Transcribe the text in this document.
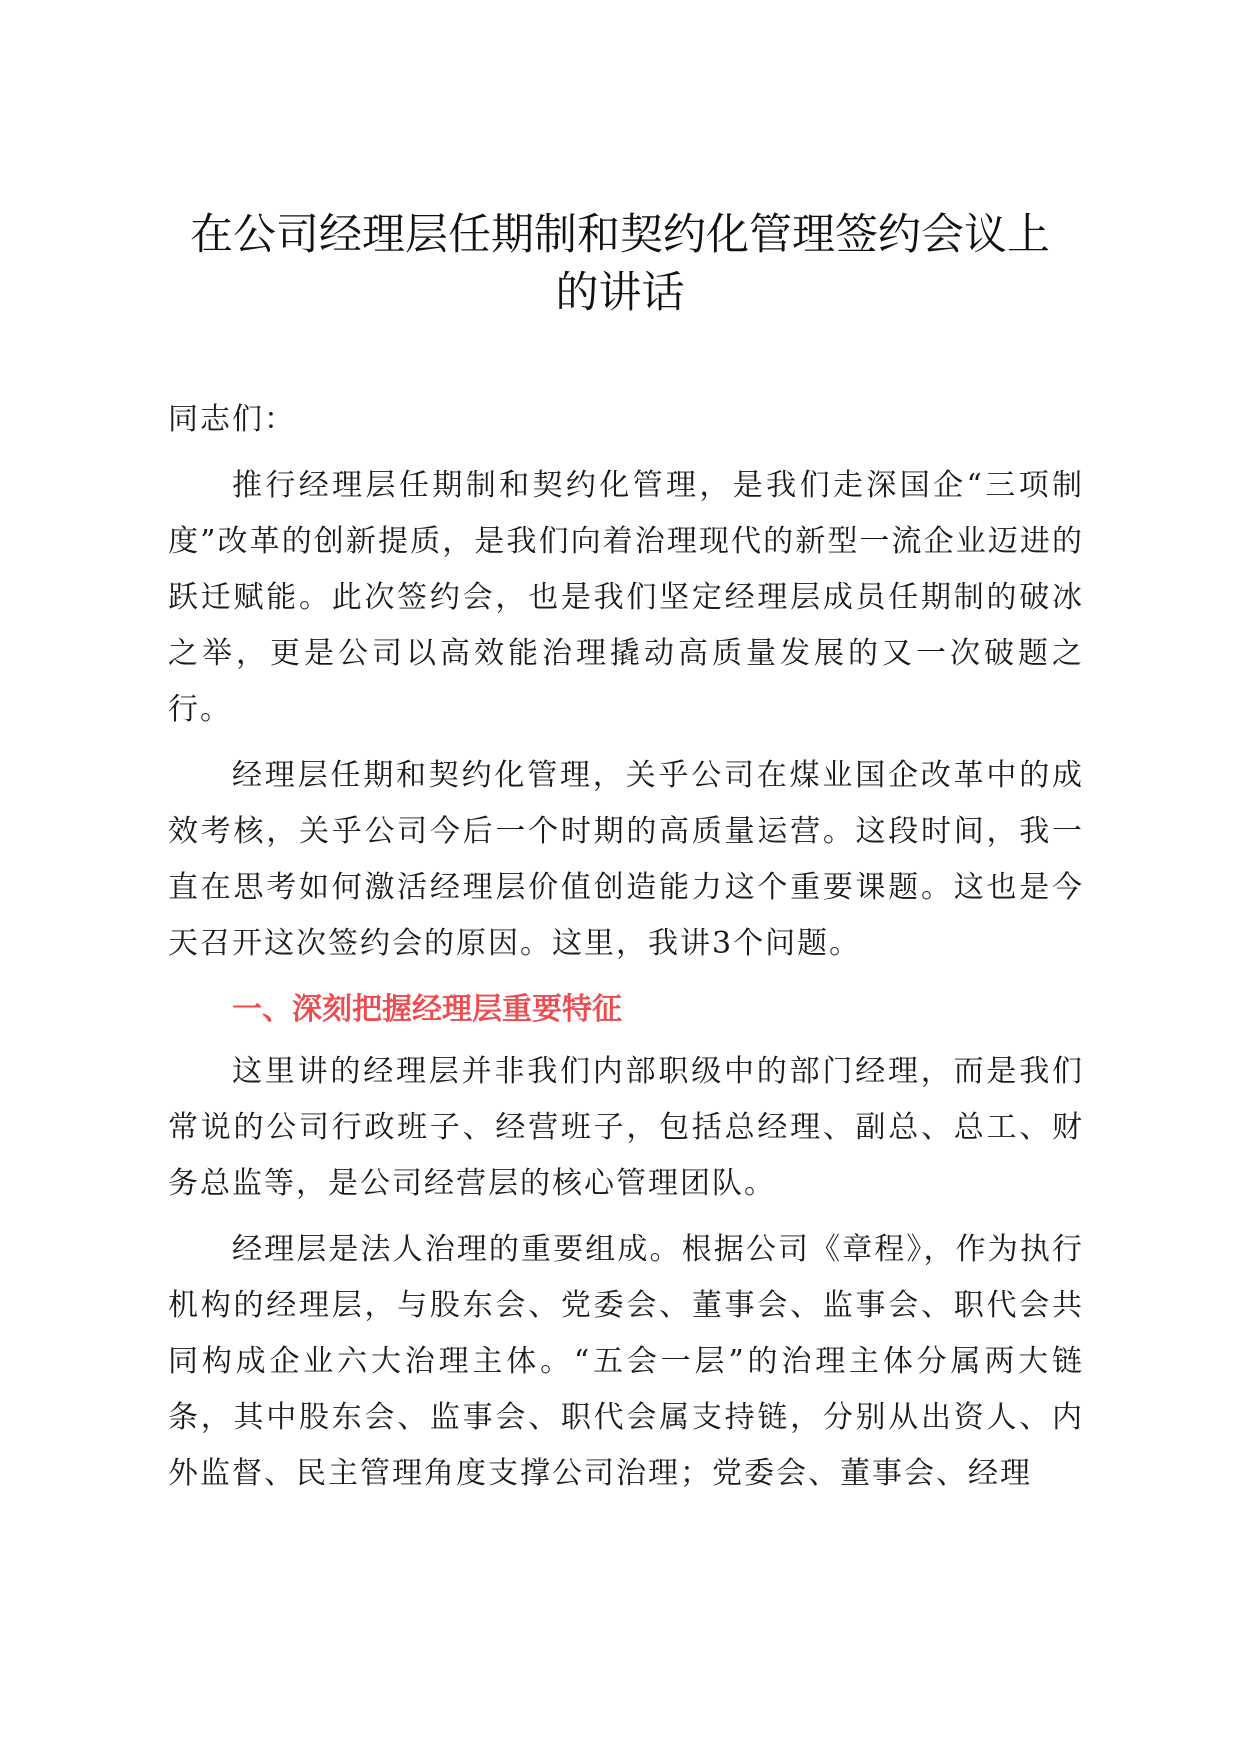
在公司经理层任期制和契约化管理签约会议上
的讲话

同志们：

推行经理层任期制和契约化管理，是我们走深国企“三项制度”改革的创新提质，是我们向着治理现代的新型一流企业迈进的跃迁赋能。此次签约会，也是我们坚定经理层成员任期制的破冰之举，更是公司以高效能治理撬动高质量发展的又一次破题之行。

经理层任期和契约化管理，关乎公司在煤业国企改革中的成效考核，关乎公司今后一个时期的高质量运营。这段时间，我一直在思考如何激活经理层价值创造能力这个重要课题。这也是今天召开这次签约会的原因。这里，我讲3个问题。

一、深刻把握经理层重要特征

这里讲的经理层并非我们内部职级中的部门经理，而是我们常说的公司行政班子、经营班子，包括总经理、副总、总工、财务总监等，是公司经营层的核心管理团队。

经理层是法人治理的重要组成。根据公司《章程》，作为执行机构的经理层，与股东会、党委会、董事会、监事会、职代会共同构成企业六大治理主体。“五会一层”的治理主体分属两大链条，其中股东会、监事会、职代会属支持链，分别从出资人、内外监督、民主管理角度支撑公司治理；党委会、董事会、经理
